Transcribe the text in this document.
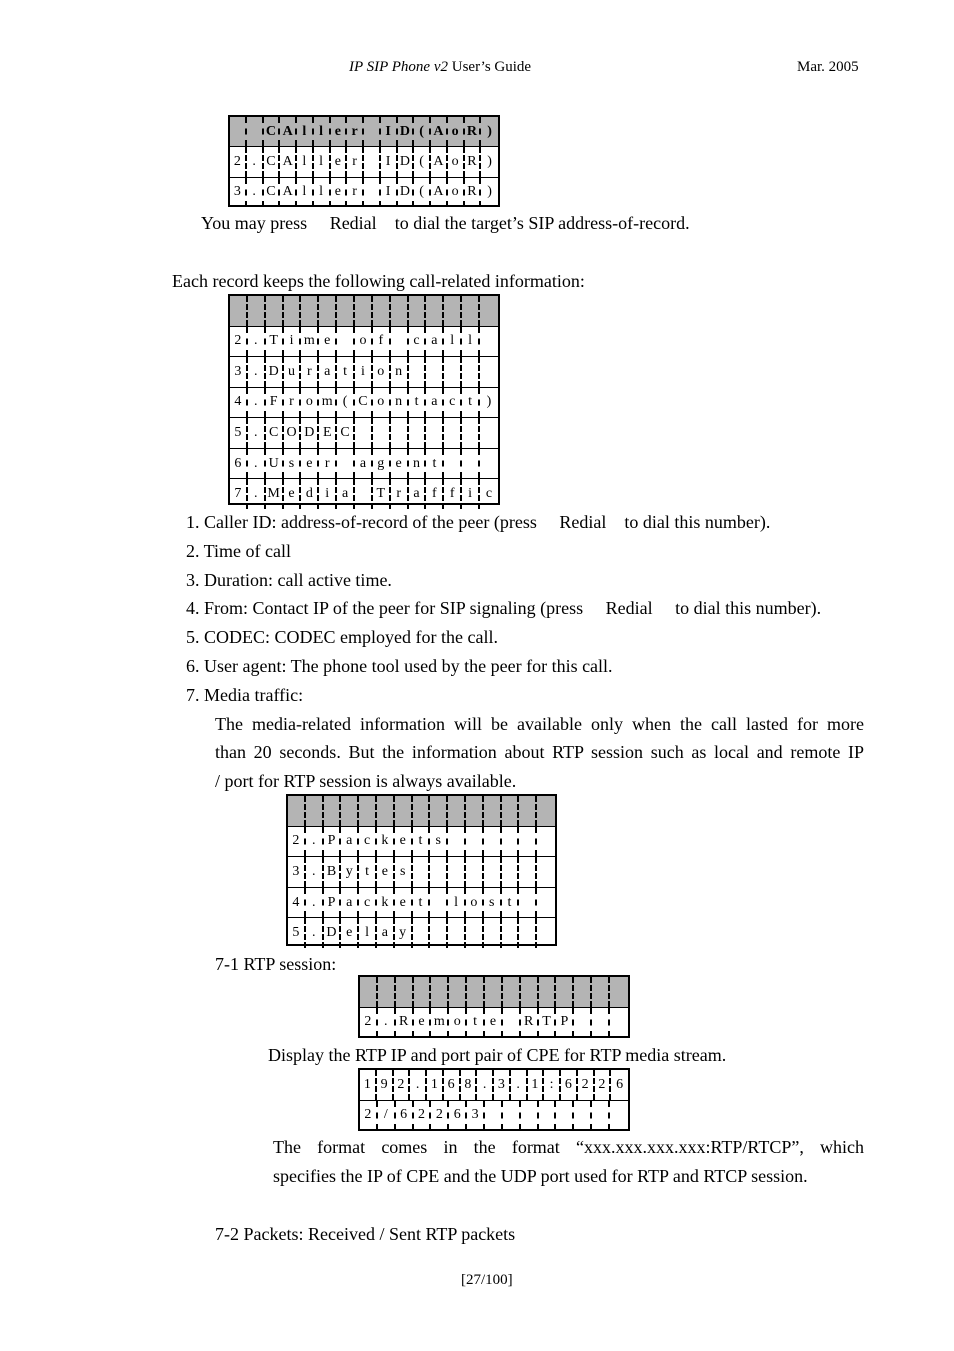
IP SIP Phone v2 User’s Guide	Mar. 2005
C A l l e r	I D ( A o R )
2 . C A l l e r	I D ( A o R )
3 . C A l l e r	I D ( A o R )
You may press Redial to dial the target’s SIP address-of-record.
Each record keeps the following call-related information:
2 . T i m e	o f	c a l l
3 . D u r a t i o n
4 . F r o m ( C o n t a c t	)
5 . C O D E C
6 . U s e r	a g e n t
7 . M e d i a	T r a f f i c
1. Caller ID: address-of-record of the peer (press Redial to dial this number).
2. Time of call
3. Duration: call active time.
4. From: Contact IP of the peer for SIP signaling (press Redial to dial this number).
5. CODEC: CODEC employed for the call.
6. User agent: The phone tool used by the peer for this call.
7. Media traffic:
The media-related information will be available only when the call lasted for more
than 20 seconds. But the information about RTP session such as local and remote IP
/ port for RTP session is always available.
2 . P a c k e t s
3 . B y t e s
4 . P a c k e t	l o s t
5 . D e l a y
7-1 RTP session:
2 . R e m o t e	R T P
Display the RTP IP and port pair of CPE for RTP media stream.
1 9 2 . 1 6 8 . 3 . 1 : 6 2 2 6
2 / 6 2 2 6 3
The format comes in the format “xxx.xxx.xxx.xxx:RTP/RTCP”, which
specifies the IP of CPE and the UDP port used for RTP and RTCP session.
7-2 Packets: Received / Sent RTP packets
[27/100]
